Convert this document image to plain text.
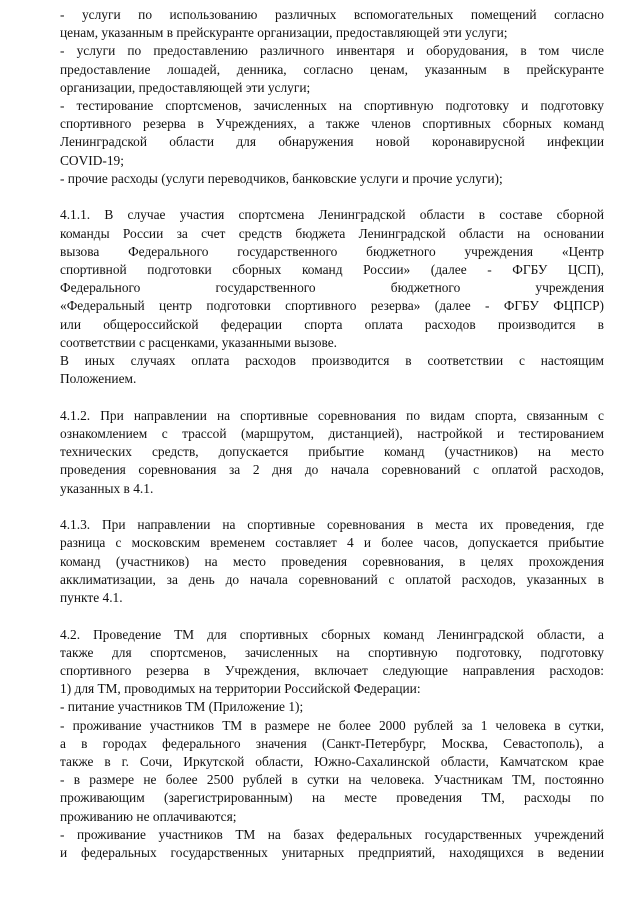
- услуги по использованию различных вспомогательных помещений согласно
ценам, указанным в прейскуранте организации, предоставляющей эти услуги;
- услуги по предоставлению различного инвентаря и оборудования, в том числе
предоставление лошадей, денника, согласно ценам, указанным в прейскуранте
организации, предоставляющей эти услуги;
- тестирование спортсменов, зачисленных на спортивную подготовку и подготовку
спортивного резерва в Учреждениях, а также членов спортивных сборных команд
Ленинградской области для обнаружения новой коронавирусной инфекции
COVID-19;
- прочие расходы (услуги переводчиков, банковские услуги и прочие услуги);
4.1.1. В случае участия спортсмена Ленинградской области в составе сборной
команды России за счет средств бюджета Ленинградской области на основании
вызова Федерального государственного бюджетного учреждения «Центр
спортивной подготовки сборных команд России» (далее - ФГБУ ЦСП),
Федерального государственного бюджетного учреждения
«Федеральный центр подготовки спортивного резерва» (далее - ФГБУ ФЦПСР)
или общероссийской федерации спорта оплата расходов производится в
соответствии с расценками, указанными вызове.
В иных случаях оплата расходов производится в соответствии с настоящим
Положением.
4.1.2. При направлении на спортивные соревнования по видам спорта, связанным с
ознакомлением с трассой (маршрутом, дистанцией), настройкой и тестированием
технических средств, допускается прибытие команд (участников) на место
проведения соревнования за 2 дня до начала соревнований с оплатой расходов,
указанных в 4.1.
4.1.3. При направлении на спортивные соревнования в места их проведения, где
разница с московским временем составляет 4 и более часов, допускается прибытие
команд (участников) на место проведения соревнования, в целях прохождения
акклиматизации, за день до начала соревнований с оплатой расходов, указанных в
пункте 4.1.
4.2. Проведение ТМ для спортивных сборных команд Ленинградской области, а
также для спортсменов, зачисленных на спортивную подготовку, подготовку
спортивного резерва в Учреждения, включает следующие направления расходов:
1) для ТМ, проводимых на территории Российской Федерации:
- питание участников ТМ (Приложение 1);
- проживание участников ТМ в размере не более 2000 рублей за 1 человека в сутки,
а в городах федерального значения (Санкт-Петербург, Москва, Севастополь), а
также в г. Сочи, Иркутской области, Южно-Сахалинской области, Камчатском крае
- в размере не более 2500 рублей в сутки на человека. Участникам ТМ, постоянно
проживающим (зарегистрированным) на месте проведения ТМ, расходы по
проживанию не оплачиваются;
- проживание участников ТМ на базах федеральных государственных учреждений
и федеральных государственных унитарных предприятий, находящихся в ведении
